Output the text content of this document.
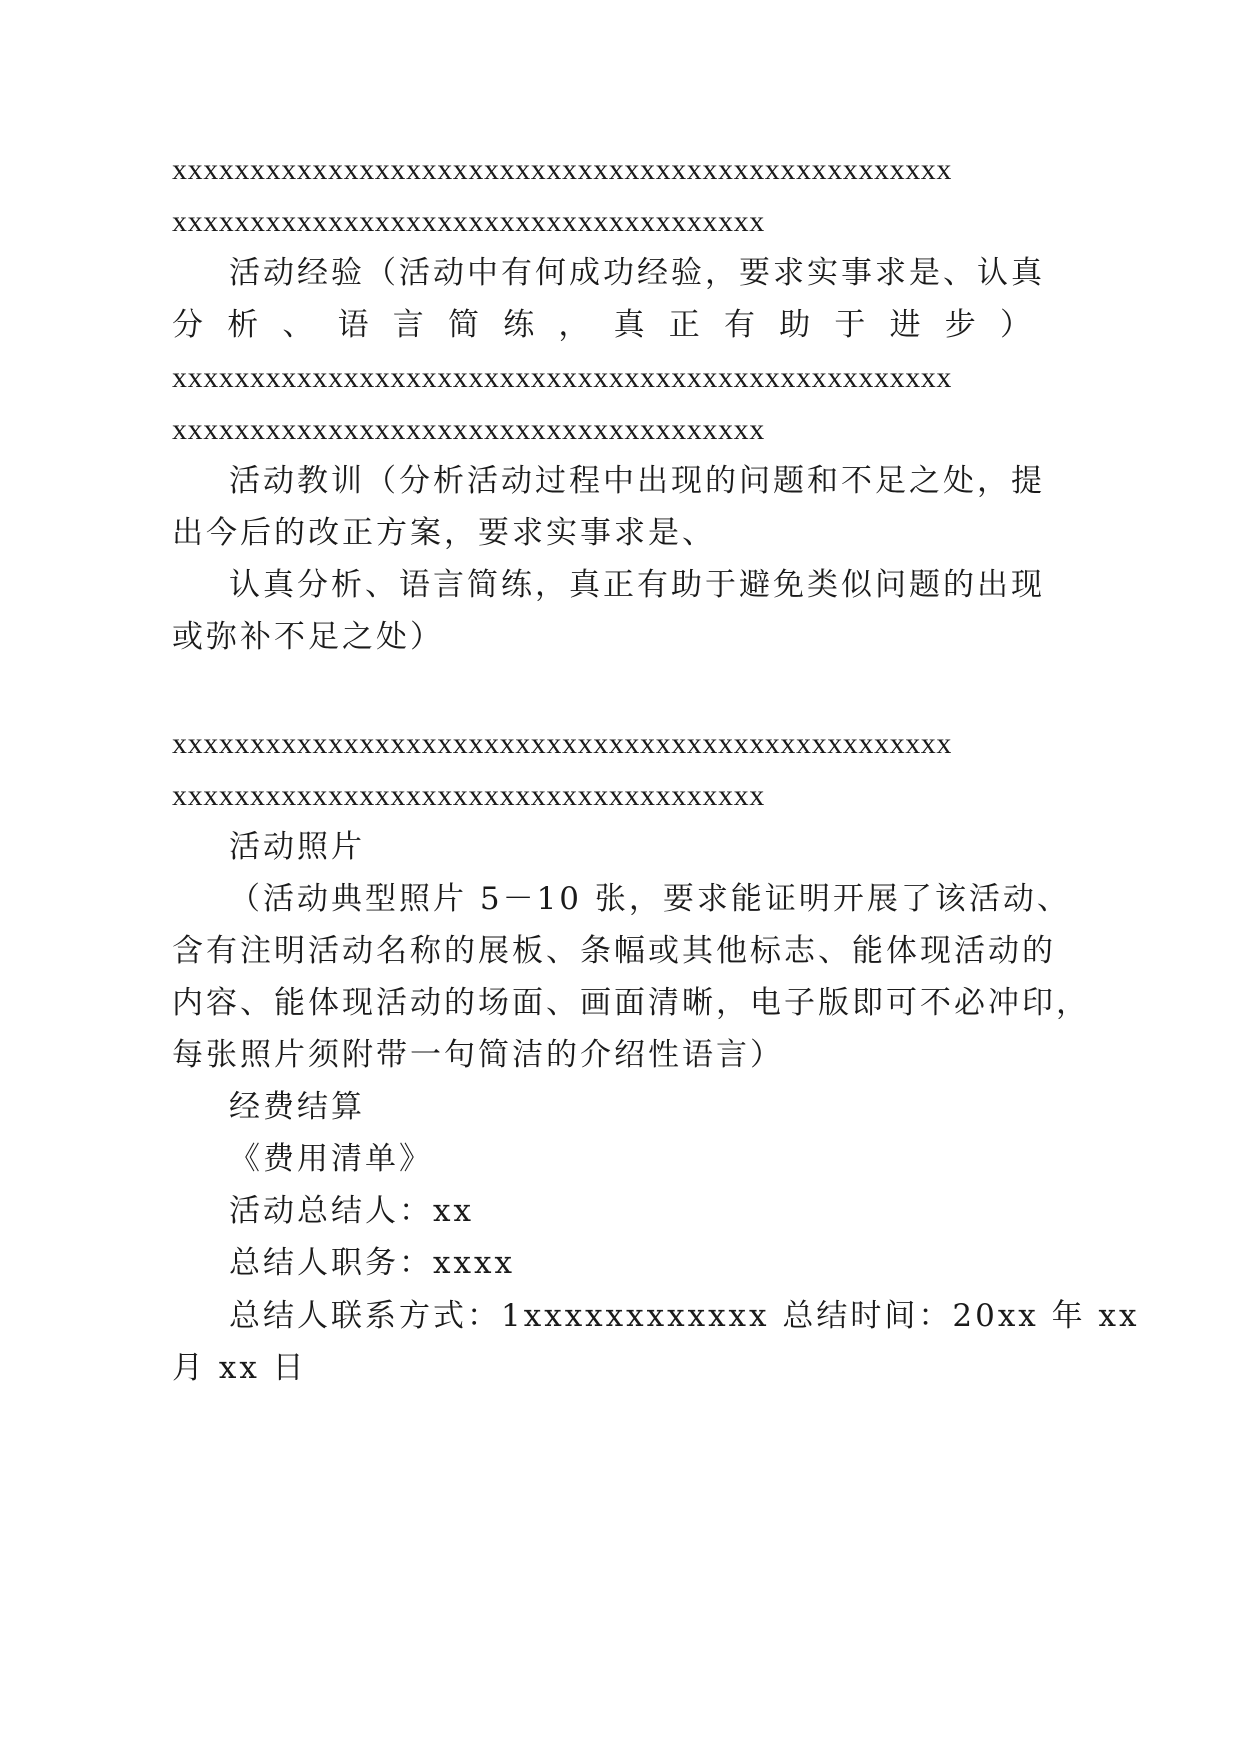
xxxxxxxxxxxxxxxxxxxxxxxxxxxxxxxxxxxxxxxxxxxxxxxxxx
xxxxxxxxxxxxxxxxxxxxxxxxxxxxxxxxxxxxxx
活动经验（活动中有何成功经验，要求实事求是、认真
分 析 、 语 言 简 练 ， 真 正 有 助 于 进 步 ）
xxxxxxxxxxxxxxxxxxxxxxxxxxxxxxxxxxxxxxxxxxxxxxxxxx
xxxxxxxxxxxxxxxxxxxxxxxxxxxxxxxxxxxxxx
活动教训（分析活动过程中出现的问题和不足之处，提
出今后的改正方案，要求实事求是、
认真分析、语言简练，真正有助于避免类似问题的出现
或弥补不足之处）
xxxxxxxxxxxxxxxxxxxxxxxxxxxxxxxxxxxxxxxxxxxxxxxxxx
xxxxxxxxxxxxxxxxxxxxxxxxxxxxxxxxxxxxxx
活动照片
（活动典型照片 5－10 张，要求能证明开展了该活动、
含有注明活动名称的展板、条幅或其他标志、能体现活动的
内容、能体现活动的场面、画面清晰，电子版即可不必冲印，
每张照片须附带一句简洁的介绍性语言）
经费结算
《费用清单》
活动总结人：xx
总结人职务：xxxx
总结人联系方式：1xxxxxxxxxxxx 总结时间：20xx 年 xx
月 xx 日
